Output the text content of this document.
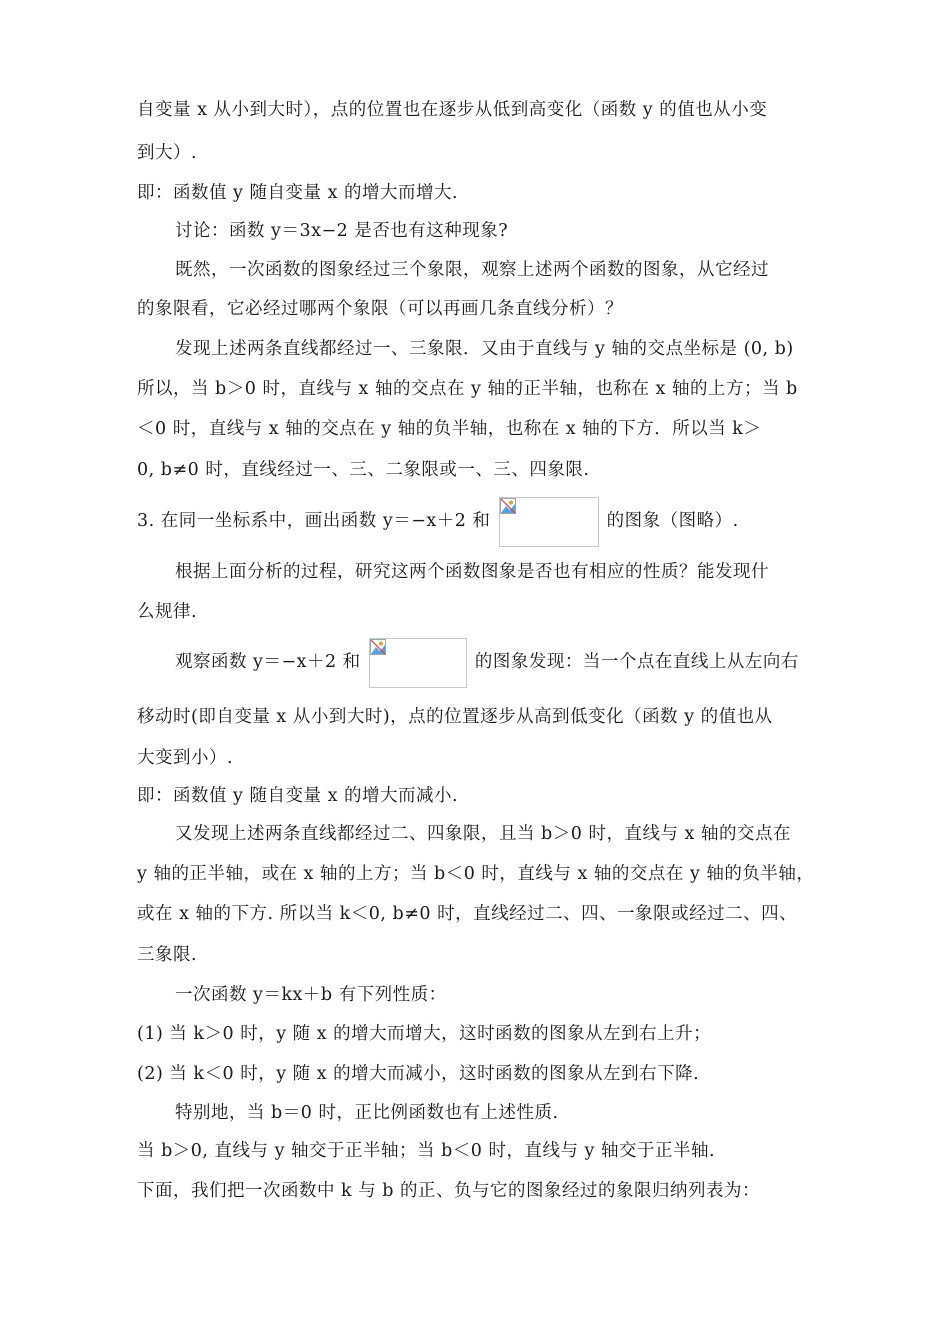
自变量 x 从小到大时），点的位置也在逐步从低到高变化（函数 y 的值也从小变
到大）.
即：函数值 y 随自变量 x 的增大而增大.
讨论：函数 y＝3x−2 是否也有这种现象?
既然，一次函数的图象经过三个象限，观察上述两个函数的图象，从它经过
的象限看，它必经过哪两个象限（可以再画几条直线分析）？
发现上述两条直线都经过一、三象限．又由于直线与 y 轴的交点坐标是 (0, b)
所以，当 b＞0 时，直线与 x 轴的交点在 y 轴的正半轴，也称在 x 轴的上方；当 b
＜0 时，直线与 x 轴的交点在 y 轴的负半轴，也称在 x 轴的下方．所以当 k＞
0, b≠0 时，直线经过一、三、二象限或一、三、四象限.
3. 在同一坐标系中，画出函数 y＝−x＋2 和	的图象（图略）.
根据上面分析的过程，研究这两个函数图象是否也有相应的性质？能发现什
么规律.
观察函数 y＝−x＋2 和	的图象发现：当一个点在直线上从左向右
移动时(即自变量 x 从小到大时)，点的位置逐步从高到低变化（函数 y 的值也从
大变到小）.
即：函数值 y 随自变量 x 的增大而减小.
又发现上述两条直线都经过二、四象限，且当 b＞0 时，直线与 x 轴的交点在
y 轴的正半轴，或在 x 轴的上方；当 b＜0 时，直线与 x 轴的交点在 y 轴的负半轴，
或在 x 轴的下方. 所以当 k＜0, b≠0 时，直线经过二、四、一象限或经过二、四、
三象限.
一次函数 y＝kx＋b 有下列性质：
(1) 当 k＞0 时，y 随 x 的增大而增大，这时函数的图象从左到右上升；
(2) 当 k＜0 时，y 随 x 的增大而减小，这时函数的图象从左到右下降.
特别地，当 b＝0 时，正比例函数也有上述性质.
当 b＞0, 直线与 y 轴交于正半轴；当 b＜0 时，直线与 y 轴交于正半轴.
下面，我们把一次函数中 k 与 b 的正、负与它的图象经过的象限归纳列表为：
